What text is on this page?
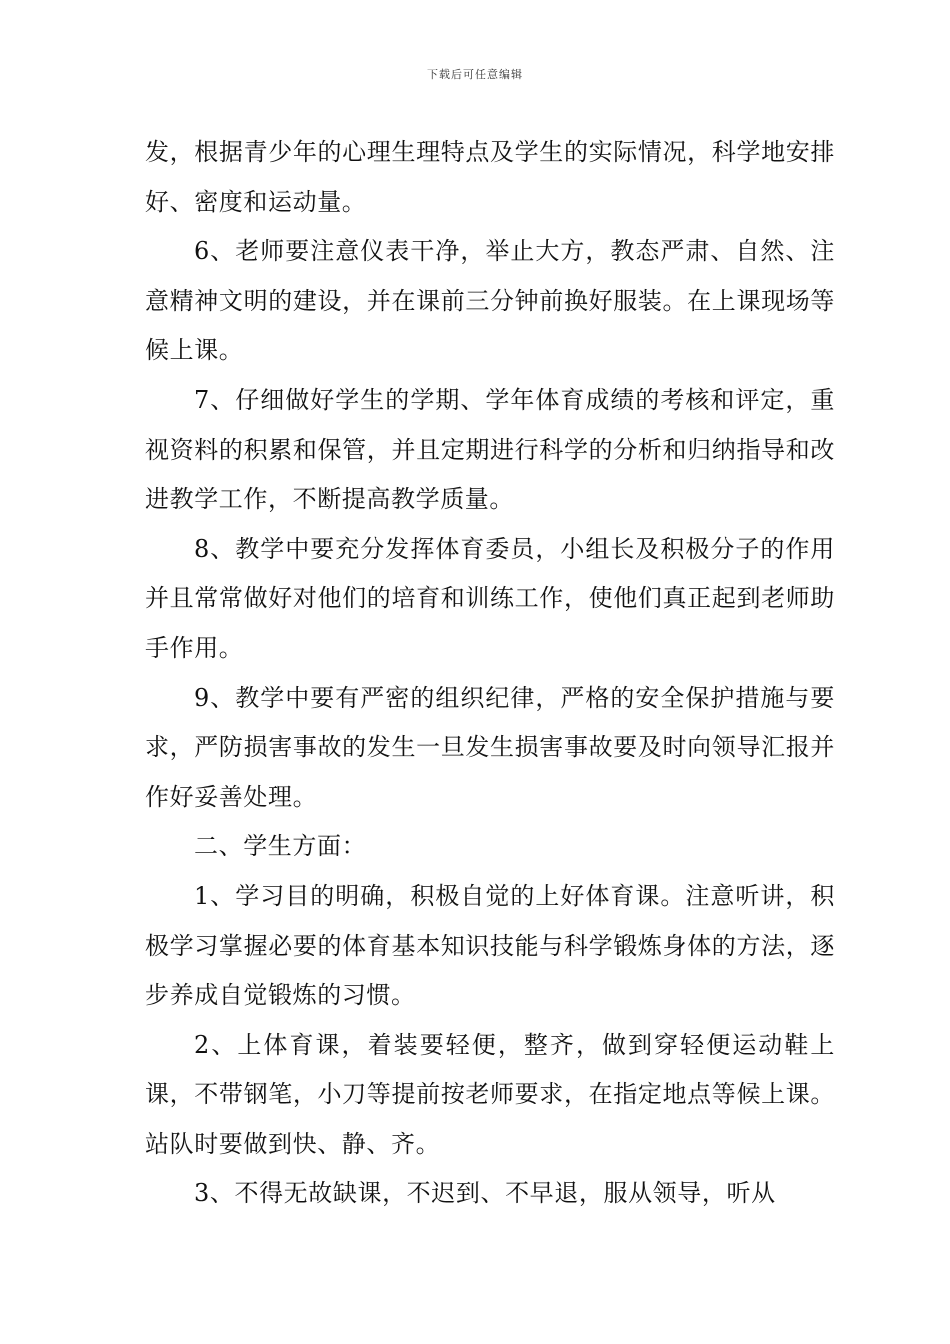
下载后可任意编辑

发，根据青少年的心理生理特点及学生的实际情况，科学地安排好、密度和运动量。

6、老师要注意仪表干净，举止大方，教态严肃、自然、注意精神文明的建设，并在课前三分钟前换好服装。在上课现场等候上课。

7、仔细做好学生的学期、学年体育成绩的考核和评定，重视资料的积累和保管，并且定期进行科学的分析和归纳指导和改进教学工作，不断提高教学质量。

8、教学中要充分发挥体育委员，小组长及积极分子的作用并且常常做好对他们的培育和训练工作，使他们真正起到老师助手作用。

9、教学中要有严密的组织纪律，严格的安全保护措施与要求，严防损害事故的发生一旦发生损害事故要及时向领导汇报并作好妥善处理。

二、学生方面：

1、学习目的明确，积极自觉的上好体育课。注意听讲，积极学习掌握必要的体育基本知识技能与科学锻炼身体的方法，逐步养成自觉锻炼的习惯。

2、上体育课，着装要轻便，整齐，做到穿轻便运动鞋上课，不带钢笔，小刀等提前按老师要求，在指定地点等候上课。站队时要做到快、静、齐。

3、不得无故缺课，不迟到、不早退，服从领导，听从
